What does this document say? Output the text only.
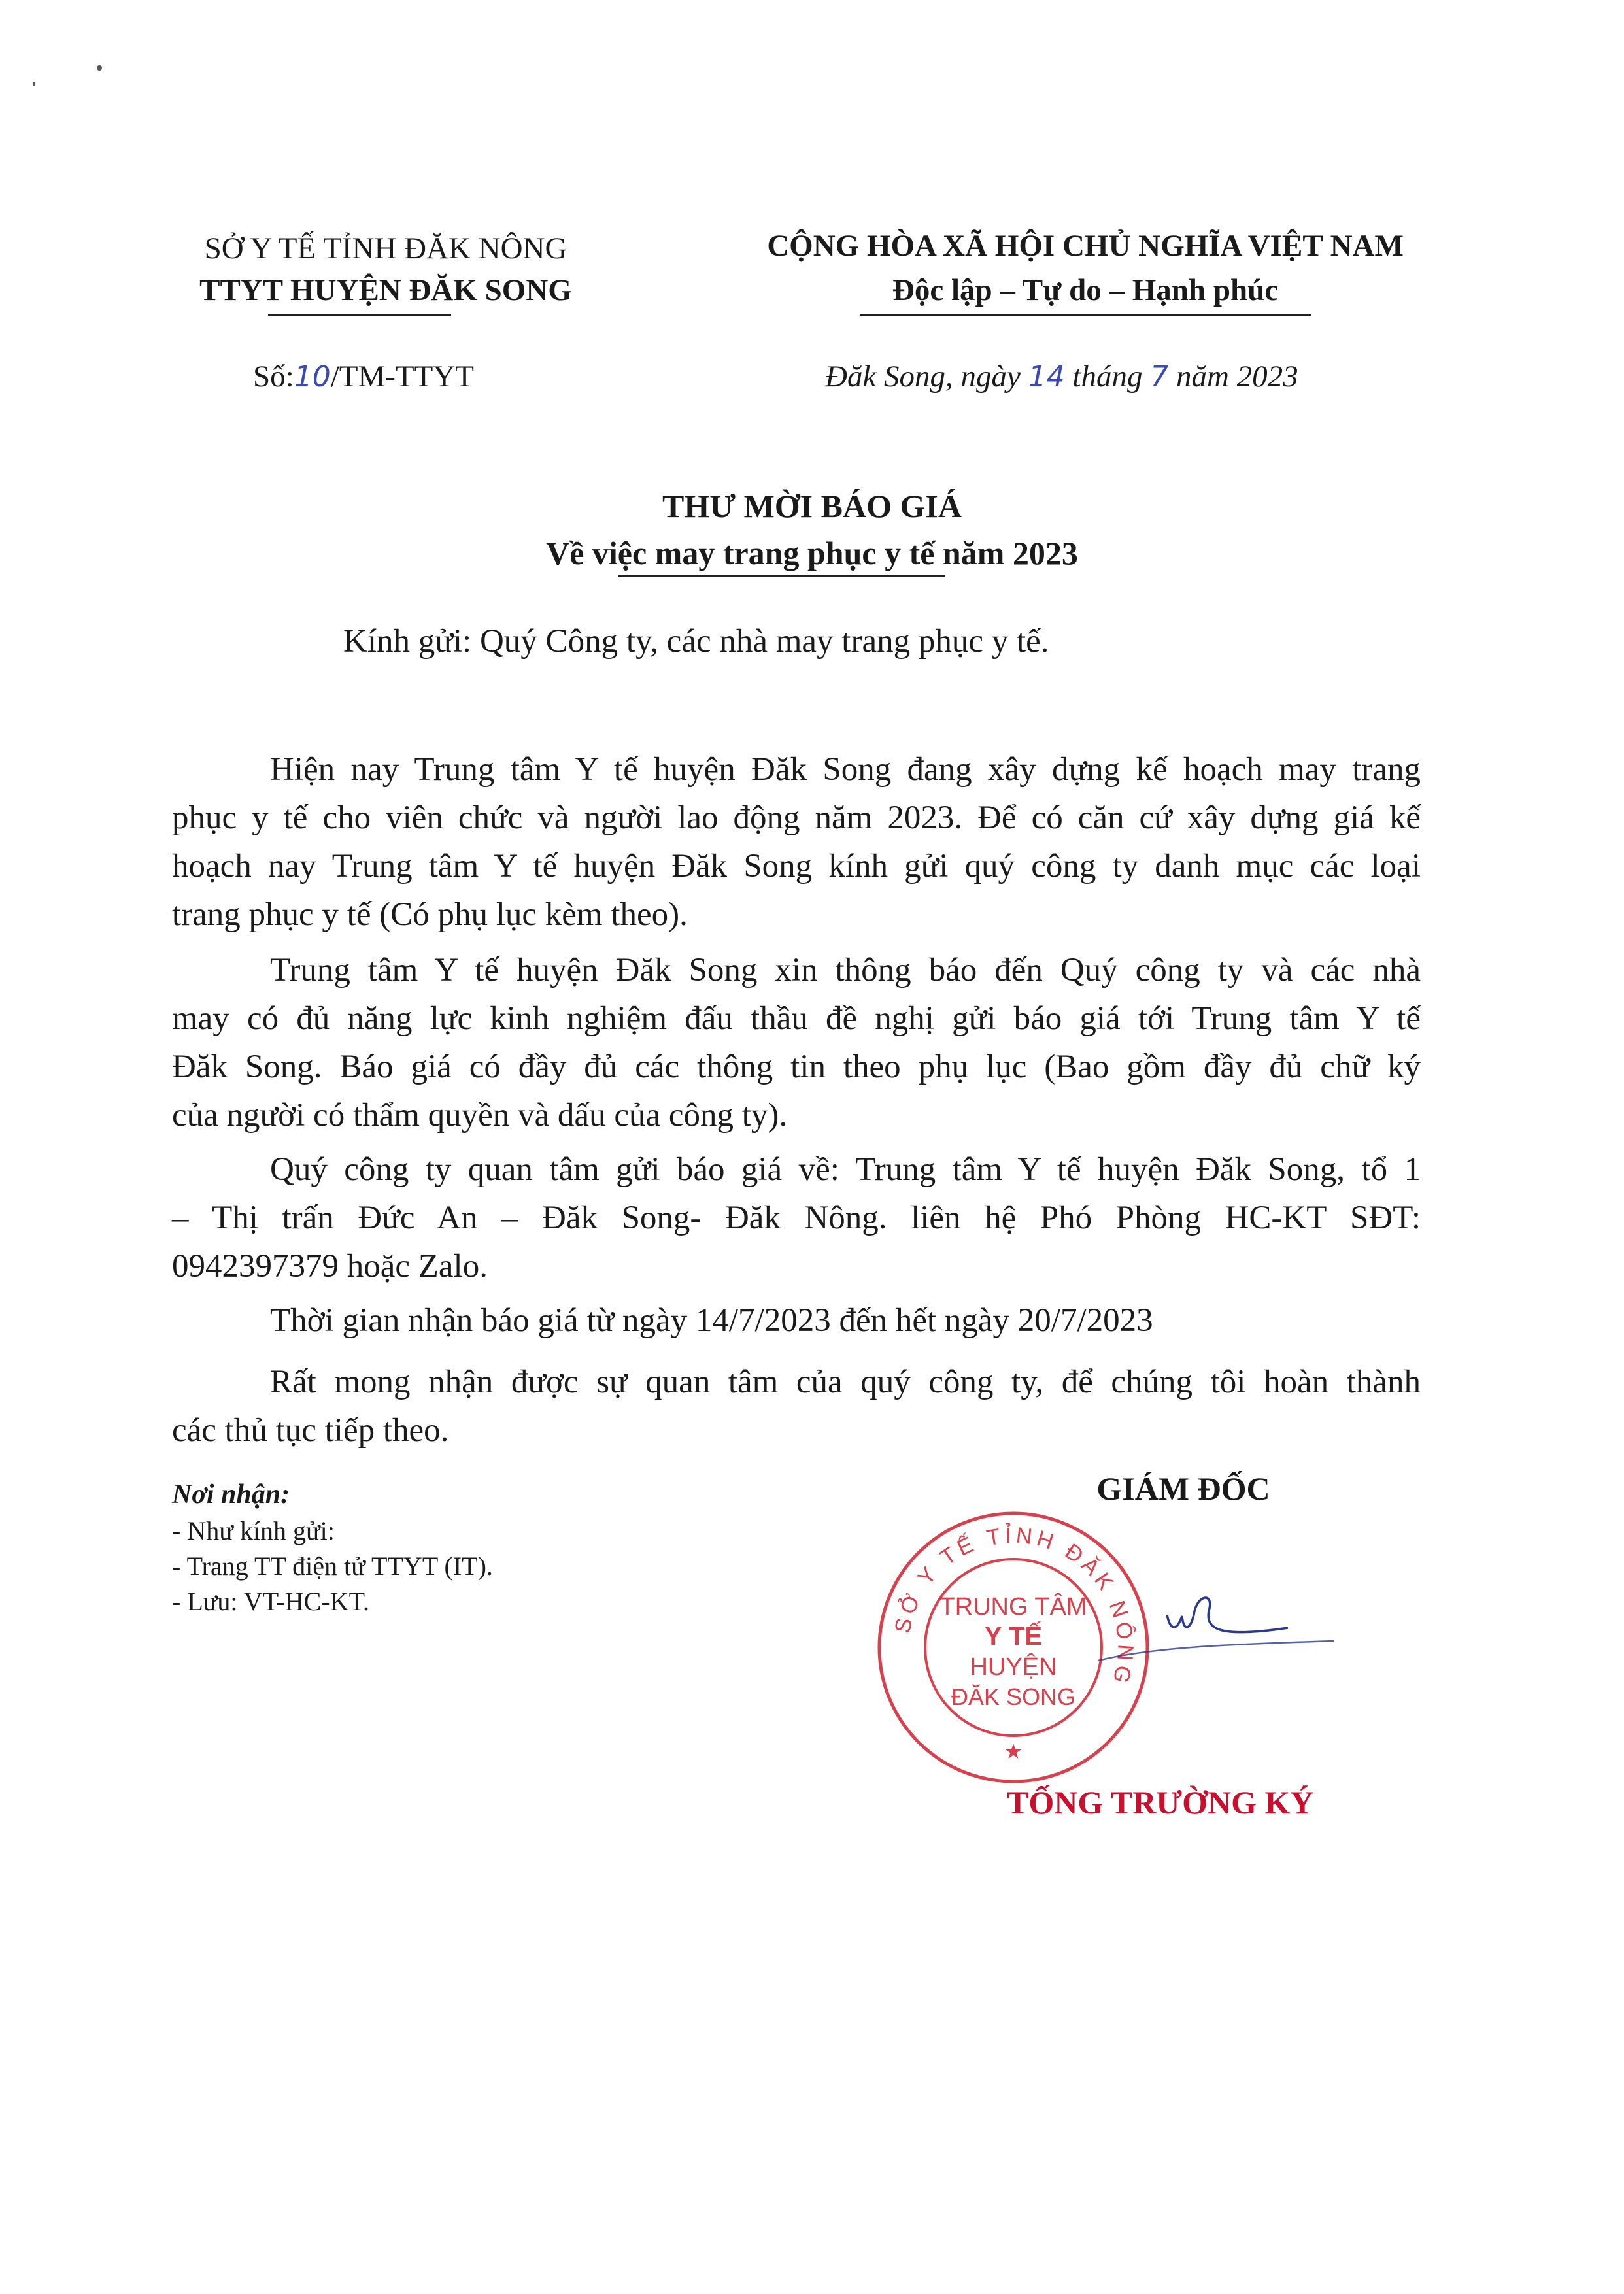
SỞ Y TẾ TỈNH ĐĂK NÔNG
TTYT HUYỆN ĐĂK SONG
CỘNG HÒA XÃ HỘI CHỦ NGHĨA VIỆT NAM
Độc lập – Tự do – Hạnh phúc
Số:10/TM-TTYT	Đăk Song, ngày 14 tháng 7 năm 2023
THƯ MỜI BÁO GIÁ
Về việc may trang phục y tế năm 2023
Kính gửi: Quý Công ty, các nhà may trang phục y tế.
Hiện nay Trung tâm Y tế huyện Đăk Song đang xây dựng kế hoạch may trang
phục y tế cho viên chức và người lao động năm 2023. Để có căn cứ xây dựng giá kế
hoạch nay Trung tâm Y tế huyện Đăk Song kính gửi quý công ty danh mục các loại
trang phục y tế (Có phụ lục kèm theo).
Trung tâm Y tế huyện Đăk Song xin thông báo đến Quý công ty và các nhà
may có đủ năng lực kinh nghiệm đấu thầu đề nghị gửi báo giá tới Trung tâm Y tế
Đăk Song. Báo giá có đầy đủ các thông tin theo phụ lục (Bao gồm đầy đủ chữ ký
của người có thẩm quyền và dấu của công ty).
Quý công ty quan tâm gửi báo giá về: Trung tâm Y tế huyện Đăk Song, tổ 1
– Thị trấn Đức An – Đăk Song- Đăk Nông. liên hệ Phó Phòng HC-KT SĐT:
0942397379 hoặc Zalo.
Thời gian nhận báo giá từ ngày 14/7/2023 đến hết ngày 20/7/2023
Rất mong nhận được sự quan tâm của quý công ty, để chúng tôi hoàn thành
các thủ tục tiếp theo.
Nơi nhận:
- Như kính gửi:
- Trang TT điện tử TTYT (IT).
- Lưu: VT-HC-KT.
GIÁM ĐỐC
SỞ Y TẾ TỈNH ĐĂK NÔNG
TRUNG TÂM
Y TẾ
HUYỆN
ĐĂK SONG
★
TỐNG TRƯỜNG KÝ
